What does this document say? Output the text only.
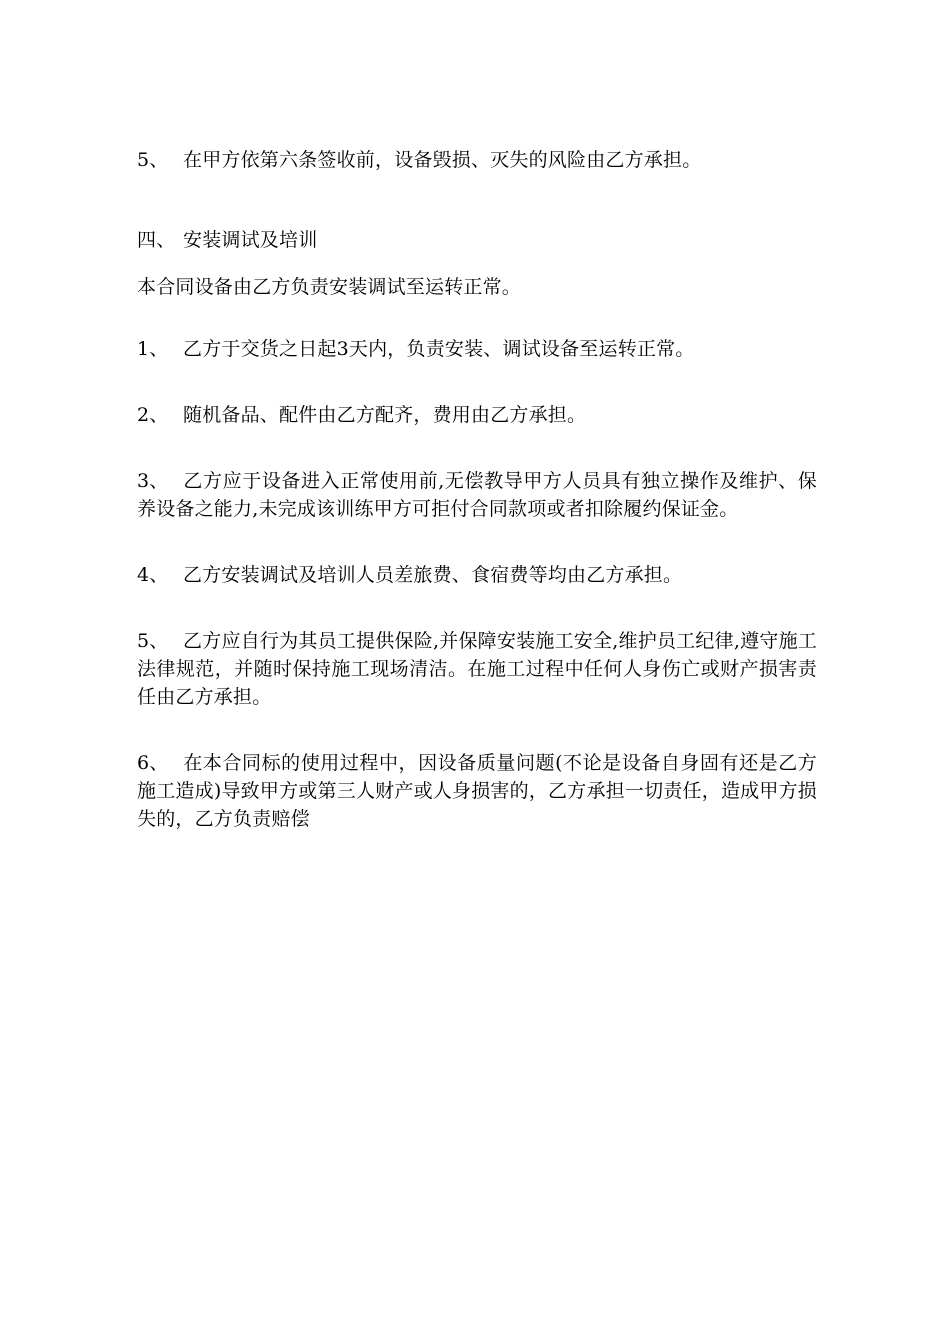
5、 在甲方依第六条签收前，设备毁损、灭失的风险由乙方承担。

四、 安装调试及培训

本合同设备由乙方负责安装调试至运转正常。

1、 乙方于交货之日起3天内，负责安装、调试设备至运转正常。

2、 随机备品、配件由乙方配齐，费用由乙方承担。

3、 乙方应于设备进入正常使用前,无偿教导甲方人员具有独立操作及维护、保养设备之能力,未完成该训练甲方可拒付合同款项或者扣除履约保证金。

4、 乙方安装调试及培训人员差旅费、食宿费等均由乙方承担。

5、 乙方应自行为其员工提供保险,并保障安装施工安全,维护员工纪律,遵守施工法律规范，并随时保持施工现场清洁。在施工过程中任何人身伤亡或财产损害责任由乙方承担。

6、 在本合同标的使用过程中，因设备质量问题(不论是设备自身固有还是乙方施工造成)导致甲方或第三人财产或人身损害的，乙方承担一切责任，造成甲方损失的，乙方负责赔偿
